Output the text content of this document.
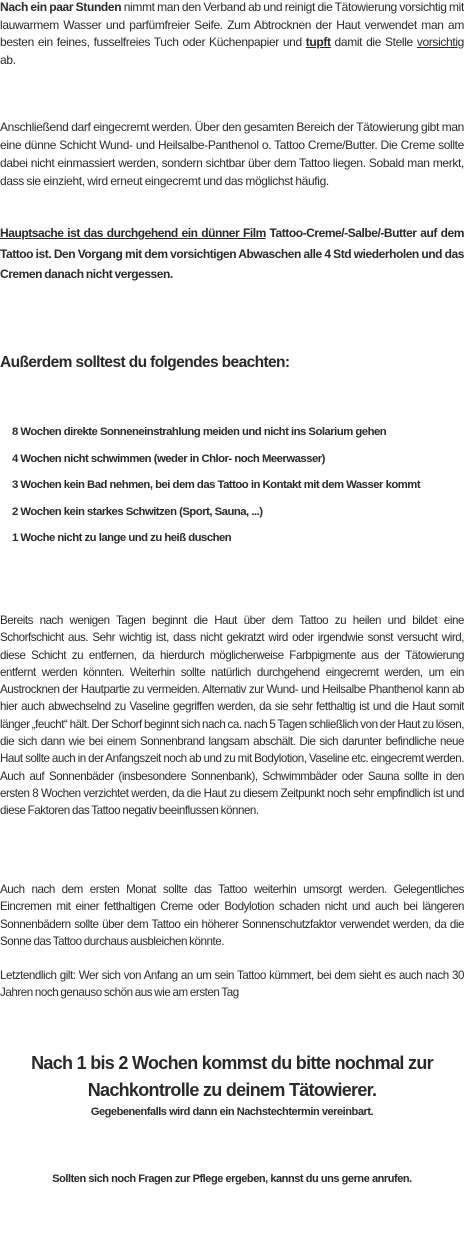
Nach ein paar Stunden nimmt man den Verband ab und reinigt die Tätowierung vorsichtig mit lauwarmem Wasser und parfümfreier Seife. Zum Abtrocknen der Haut verwendet man am besten ein feines, fusselfreies Tuch oder Küchenpapier und tupft damit die Stelle vorsichtig ab.

Anschließend darf eingecremt werden. Über den gesamten Bereich der Tätowierung gibt man eine dünne Schicht Wund- und Heilsalbe-Panthenol o. Tattoo Creme/Butter. Die Creme sollte dabei nicht einmassiert werden, sondern sichtbar über dem Tattoo liegen. Sobald man merkt, dass sie einzieht, wird erneut eingecremt und das möglichst häufig.

Hauptsache ist das durchgehend ein dünner Film Tattoo-Creme/-Salbe/-Butter auf dem Tattoo ist. Den Vorgang mit dem vorsichtigen Abwaschen alle 4 Std wiederholen und das Cremen danach nicht vergessen.

Außerdem solltest du folgendes beachten:
8 Wochen direkte Sonneneinstrahlung meiden und nicht ins Solarium gehen
4 Wochen nicht schwimmen (weder in Chlor- noch Meerwasser)
3 Wochen kein Bad nehmen, bei dem das Tattoo in Kontakt mit dem Wasser kommt
2 Wochen kein starkes Schwitzen (Sport, Sauna, ...)
1 Woche nicht zu lange und zu heiß duschen

Bereits nach wenigen Tagen beginnt die Haut über dem Tattoo zu heilen und bildet eine Schorfschicht aus. Sehr wichtig ist, dass nicht gekratzt wird oder irgendwie sonst versucht wird, diese Schicht zu entfernen, da hierdurch möglicherweise Farbpigmente aus der Tätowierung entfernt werden könnten. Weiterhin sollte natürlich durchgehend eingecremt werden, um ein Austrocknen der Hautpartie zu vermeiden. Alternativ zur Wund- und Heilsalbe Phanthenol kann ab hier auch abwechselnd zu Vaseline gegriffen werden, da sie sehr fetthaltig ist und die Haut somit länger „feucht“ hält. Der Schorf beginnt sich nach ca. nach 5 Tagen schließlich von der Haut zu lösen, die sich dann wie bei einem Sonnenbrand langsam abschält. Die sich darunter befindliche neue Haut sollte auch in der Anfangszeit noch ab und zu mit Bodylotion, Vaseline etc. eingecremt werden. Auch auf Sonnenbäder (insbesondere Sonnenbank), Schwimmbäder oder Sauna sollte in den ersten 8 Wochen verzichtet werden, da die Haut zu diesem Zeitpunkt noch sehr empfindlich ist und diese Faktoren das Tattoo negativ beeinflussen können.

Auch nach dem ersten Monat sollte das Tattoo weiterhin umsorgt werden. Gelegentliches Eincremen mit einer fetthaltigen Creme oder Bodylotion schaden nicht und auch bei längeren Sonnenbädern sollte über dem Tattoo ein höherer Sonnenschutzfaktor verwendet werden, da die Sonne das Tattoo durchaus ausbleichen könnte.

Letztendlich gilt: Wer sich von Anfang an um sein Tattoo kümmert, bei dem sieht es auch nach 30 Jahren noch genauso schön aus wie am ersten Tag

Nach 1 bis 2 Wochen kommst du bitte nochmal zur
Nachkontrolle zu deinem Tätowierer.
Gegebenenfalls wird dann ein Nachstechtermin vereinbart.
Sollten sich noch Fragen zur Pflege ergeben, kannst du uns gerne anrufen.
